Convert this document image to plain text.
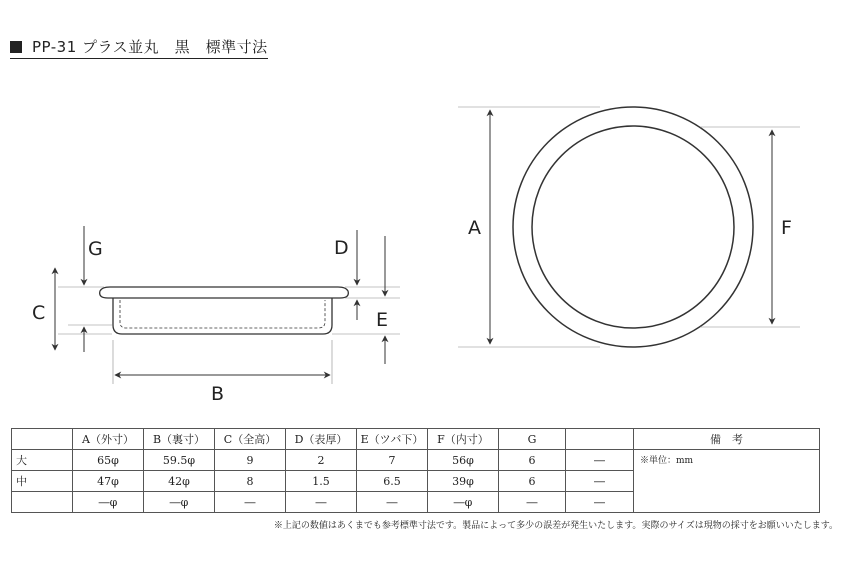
PP-31 プラス並丸　黒　標準寸法
A	F
G	D
C	E
B
	A（外寸）	B（裏寸）	C（全高）	D（表厚）	E（ツバ下）	F（内寸）	G		備　考
大	65φ	59.5φ	9	2	7	56φ	6	―	※単位：mm
中	47φ	42φ	8	1.5	6.5	39φ	6	―	
	―φ	―φ	―	―	―	―φ	―	―	
※上記の数値はあくまでも参考標準寸法です。製品によって多少の誤差が発生いたします。実際のサイズは現物の採寸をお願いいたします。
